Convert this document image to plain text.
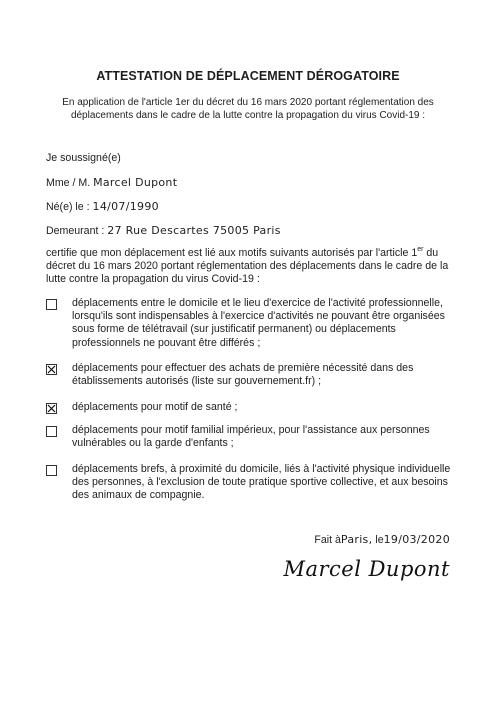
ATTESTATION DE DÉPLACEMENT DÉROGATOIRE
En application de l'article 1er du décret du 16 mars 2020 portant réglementation des
déplacements dans le cadre de la lutte contre la propagation du virus Covid-19 :
Je soussigné(e)
Mme / M. Marcel Dupont
Né(e) le : 14/07/1990
Demeurant : 27 Rue Descartes 75005 Paris
certifie que mon déplacement est lié aux motifs suivants autorisés par l'article 1er du décret du 16 mars 2020 portant réglementation des déplacements dans le cadre de la lutte contre la propagation du virus Covid-19 :
déplacements entre le domicile et le lieu d'exercice de l'activité professionnelle, lorsqu'ils sont indispensables à l'exercice d'activités ne pouvant être organisées sous forme de télétravail (sur justificatif permanent) ou déplacements professionnels ne pouvant être différés ;
déplacements pour effectuer des achats de première nécessité dans des établissements autorisés (liste sur gouvernement.fr) ;
déplacements pour motif de santé ;
déplacements pour motif familial impérieux, pour l'assistance aux personnes vulnérables ou la garde d'enfants ;
déplacements brefs, à proximité du domicile, liés à l'activité physique individuelle des personnes, à l'exclusion de toute pratique sportive collective, et aux besoins des animaux de compagnie.
Fait àParis, le19/03/2020
Marcel Dupont
